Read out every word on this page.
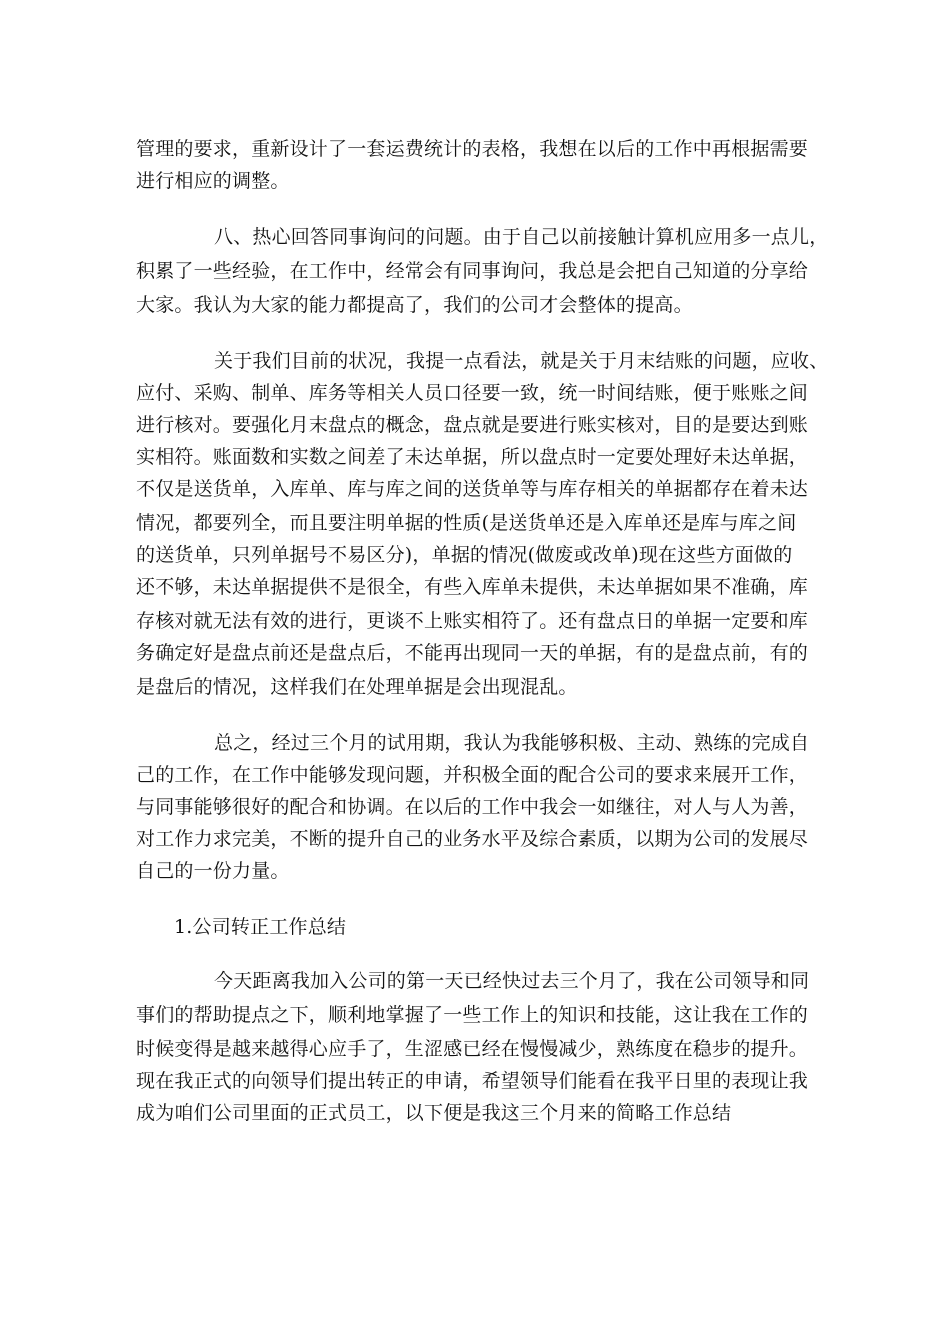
管理的要求，重新设计了一套运费统计的表格，我想在以后的工作中再根据需要
进行相应的调整。
八、热心回答同事询问的问题。由于自己以前接触计算机应用多一点儿，
积累了一些经验，在工作中，经常会有同事询问，我总是会把自己知道的分享给
大家。我认为大家的能力都提高了，我们的公司才会整体的提高。
关于我们目前的状况，我提一点看法，就是关于月末结账的问题，应收、
应付、采购、制单、库务等相关人员口径要一致，统一时间结账，便于账账之间
进行核对。要强化月末盘点的概念，盘点就是要进行账实核对，目的是要达到账
实相符。账面数和实数之间差了未达单据，所以盘点时一定要处理好未达单据，
不仅是送货单，入库单、库与库之间的送货单等与库存相关的单据都存在着未达
情况，都要列全，而且要注明单据的性质(是送货单还是入库单还是库与库之间
的送货单，只列单据号不易区分)，单据的情况(做废或改单)现在这些方面做的
还不够，未达单据提供不是很全，有些入库单未提供，未达单据如果不准确，库
存核对就无法有效的进行，更谈不上账实相符了。还有盘点日的单据一定要和库
务确定好是盘点前还是盘点后，不能再出现同一天的单据，有的是盘点前，有的
是盘后的情况，这样我们在处理单据是会出现混乱。
总之，经过三个月的试用期，我认为我能够积极、主动、熟练的完成自
己的工作，在工作中能够发现问题，并积极全面的配合公司的要求来展开工作，
与同事能够很好的配合和协调。在以后的工作中我会一如继往，对人与人为善，
对工作力求完美，不断的提升自己的业务水平及综合素质，以期为公司的发展尽
自己的一份力量。
1.公司转正工作总结
今天距离我加入公司的第一天已经快过去三个月了，我在公司领导和同
事们的帮助提点之下，顺利地掌握了一些工作上的知识和技能，这让我在工作的
时候变得是越来越得心应手了，生涩感已经在慢慢减少，熟练度在稳步的提升。
现在我正式的向领导们提出转正的申请，希望领导们能看在我平日里的表现让我
成为咱们公司里面的正式员工，以下便是我这三个月来的简略工作总结
